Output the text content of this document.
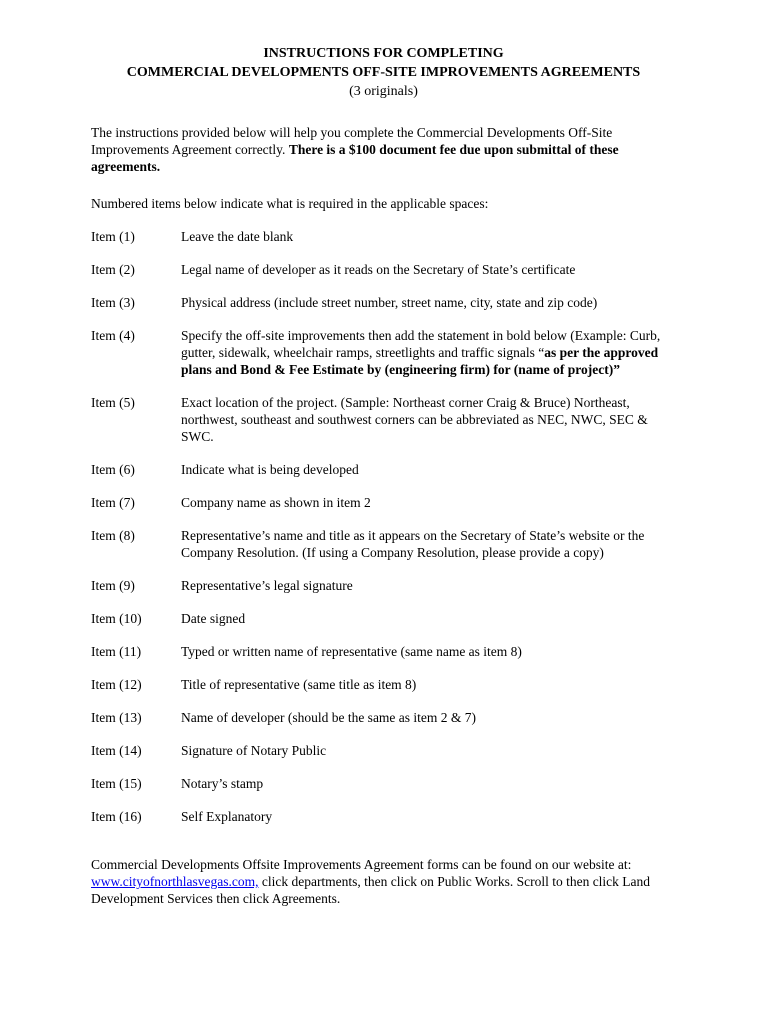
INSTRUCTIONS FOR COMPLETING
COMMERCIAL DEVELOPMENTS OFF-SITE IMPROVEMENTS AGREEMENTS
(3 originals)
The instructions provided below will help you complete the Commercial Developments Off-Site Improvements Agreement correctly. There is a $100 document fee due upon submittal of these agreements.
Numbered items below indicate what is required in the applicable spaces:
Item (1)	Leave the date blank
Item (2)	Legal name of developer as it reads on the Secretary of State’s certificate
Item (3)	Physical address (include street number, street name, city, state and zip code)
Item (4)	Specify the off-site improvements then add the statement in bold below (Example: Curb, gutter, sidewalk, wheelchair ramps, streetlights and traffic signals “as per the approved plans and Bond & Fee Estimate by (engineering firm) for (name of project)”
Item (5)	Exact location of the project. (Sample: Northeast corner Craig & Bruce) Northeast, northwest, southeast and southwest corners can be abbreviated as NEC, NWC, SEC & SWC.
Item (6)	Indicate what is being developed
Item (7)	Company name as shown in item 2
Item (8)	Representative’s name and title as it appears on the Secretary of State’s website or the Company Resolution. (If using a Company Resolution, please provide a copy)
Item (9)	Representative’s legal signature
Item (10)	Date signed
Item (11)	Typed or written name of representative (same name as item 8)
Item (12)	Title of representative (same title as item 8)
Item (13)	Name of developer (should be the same as item 2 & 7)
Item (14)	Signature of Notary Public
Item (15)	Notary’s stamp
Item (16)	Self Explanatory
Commercial Developments Offsite Improvements Agreement forms can be found on our website at: www.cityofnorthlasvegas.com, click departments, then click on Public Works. Scroll to then click Land Development Services then click Agreements.
